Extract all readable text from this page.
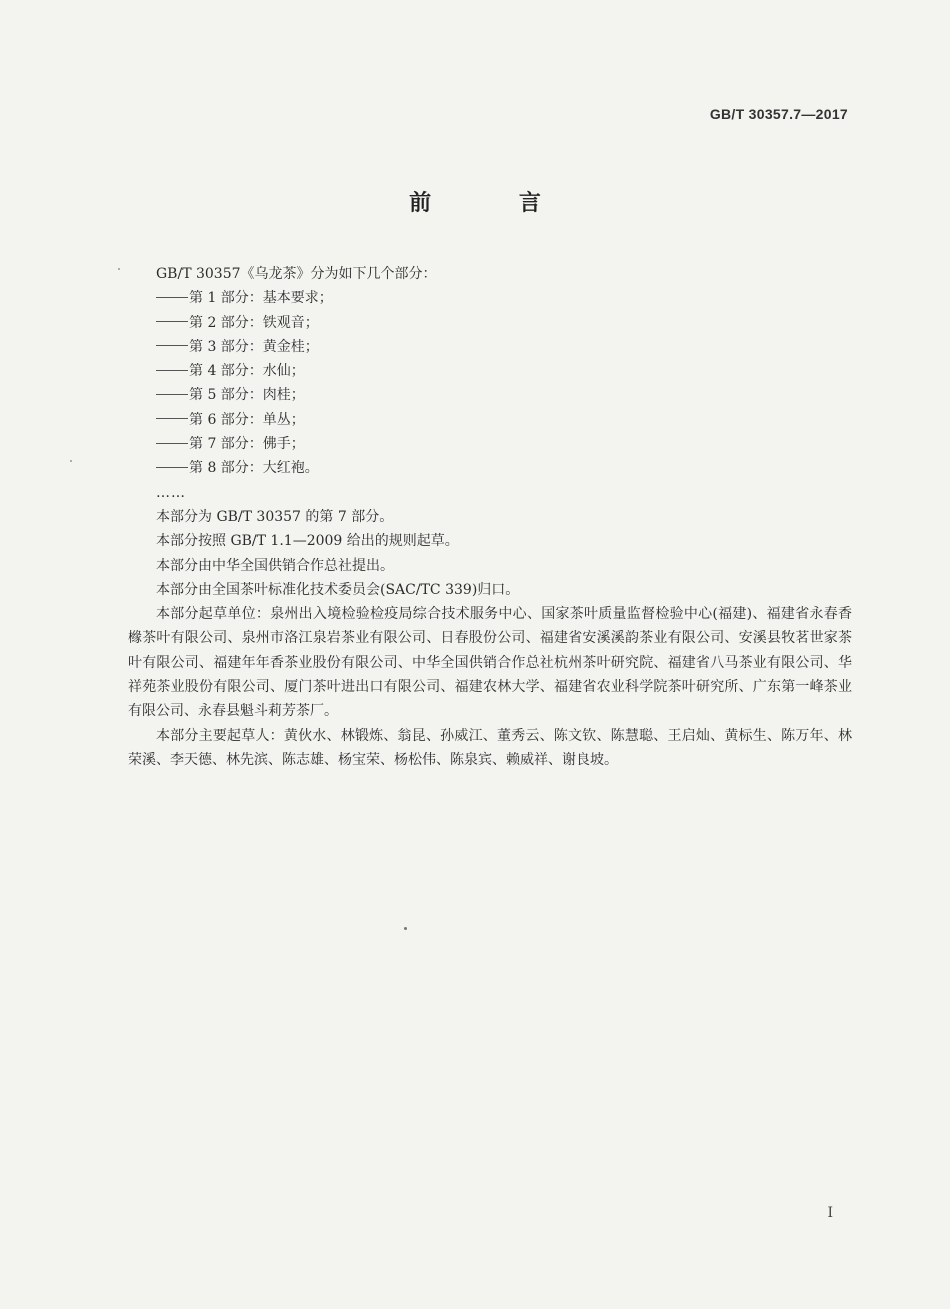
GB/T 30357.7—2017
前 言

GB/T 30357《乌龙茶》分为如下几个部分：

第 1 部分：基本要求；

第 2 部分：铁观音；

第 3 部分：黄金桂；

第 4 部分：水仙；

第 5 部分：肉桂；

第 6 部分：单丛；

第 7 部分：佛手；

第 8 部分：大红袍。

……

本部分为 GB/T 30357 的第 7 部分。

本部分按照 GB/T 1.1—2009 给出的规则起草。

本部分由中华全国供销合作总社提出。

本部分由全国茶叶标准化技术委员会(SAC/TC 339)归口。

本部分起草单位：泉州出入境检验检疫局综合技术服务中心、国家茶叶质量监督检验中心(福建)、福建省永春香橼茶叶有限公司、泉州市洛江泉岩茶业有限公司、日春股份公司、福建省安溪溪韵茶业有限公司、安溪县牧茗世家茶叶有限公司、福建年年香茶业股份有限公司、中华全国供销合作总社杭州茶叶研究院、福建省八马茶业有限公司、华祥苑茶业股份有限公司、厦门茶叶进出口有限公司、福建农林大学、福建省农业科学院茶叶研究所、广东第一峰茶业有限公司、永春县魁斗莉芳茶厂。

本部分主要起草人：黄伙水、林锻炼、翁昆、孙威江、董秀云、陈文钦、陈慧聪、王启灿、黄标生、陈万年、林荣溪、李天德、林先滨、陈志雄、杨宝荣、杨松伟、陈泉宾、赖威祥、谢良坡。

I
